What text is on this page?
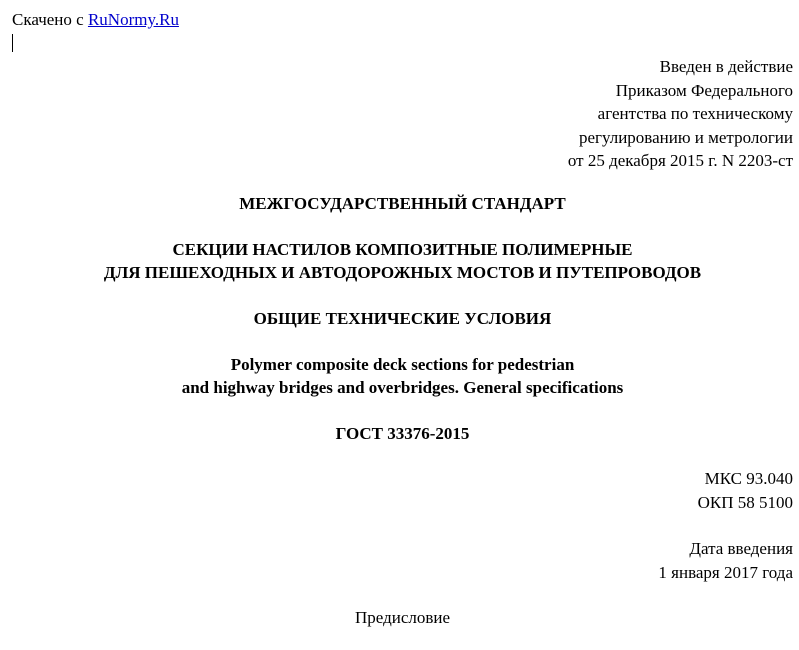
Скачено с RuNormy.Ru
Введен в действие
Приказом Федерального
агентства по техническому
регулированию и метрологии
от 25 декабря 2015 г. N 2203-ст
МЕЖГОСУДАРСТВЕННЫЙ СТАНДАРТ
СЕКЦИИ НАСТИЛОВ КОМПОЗИТНЫЕ ПОЛИМЕРНЫЕ
ДЛЯ ПЕШЕХОДНЫХ И АВТОДОРОЖНЫХ МОСТОВ И ПУТЕПРОВОДОВ
ОБЩИЕ ТЕХНИЧЕСКИЕ УСЛОВИЯ
Polymer composite deck sections for pedestrian
and highway bridges and overbridges. General specifications
ГОСТ 33376-2015
МКС 93.040
ОКП 58 5100
Дата введения
1 января 2017 года
Предисловие
